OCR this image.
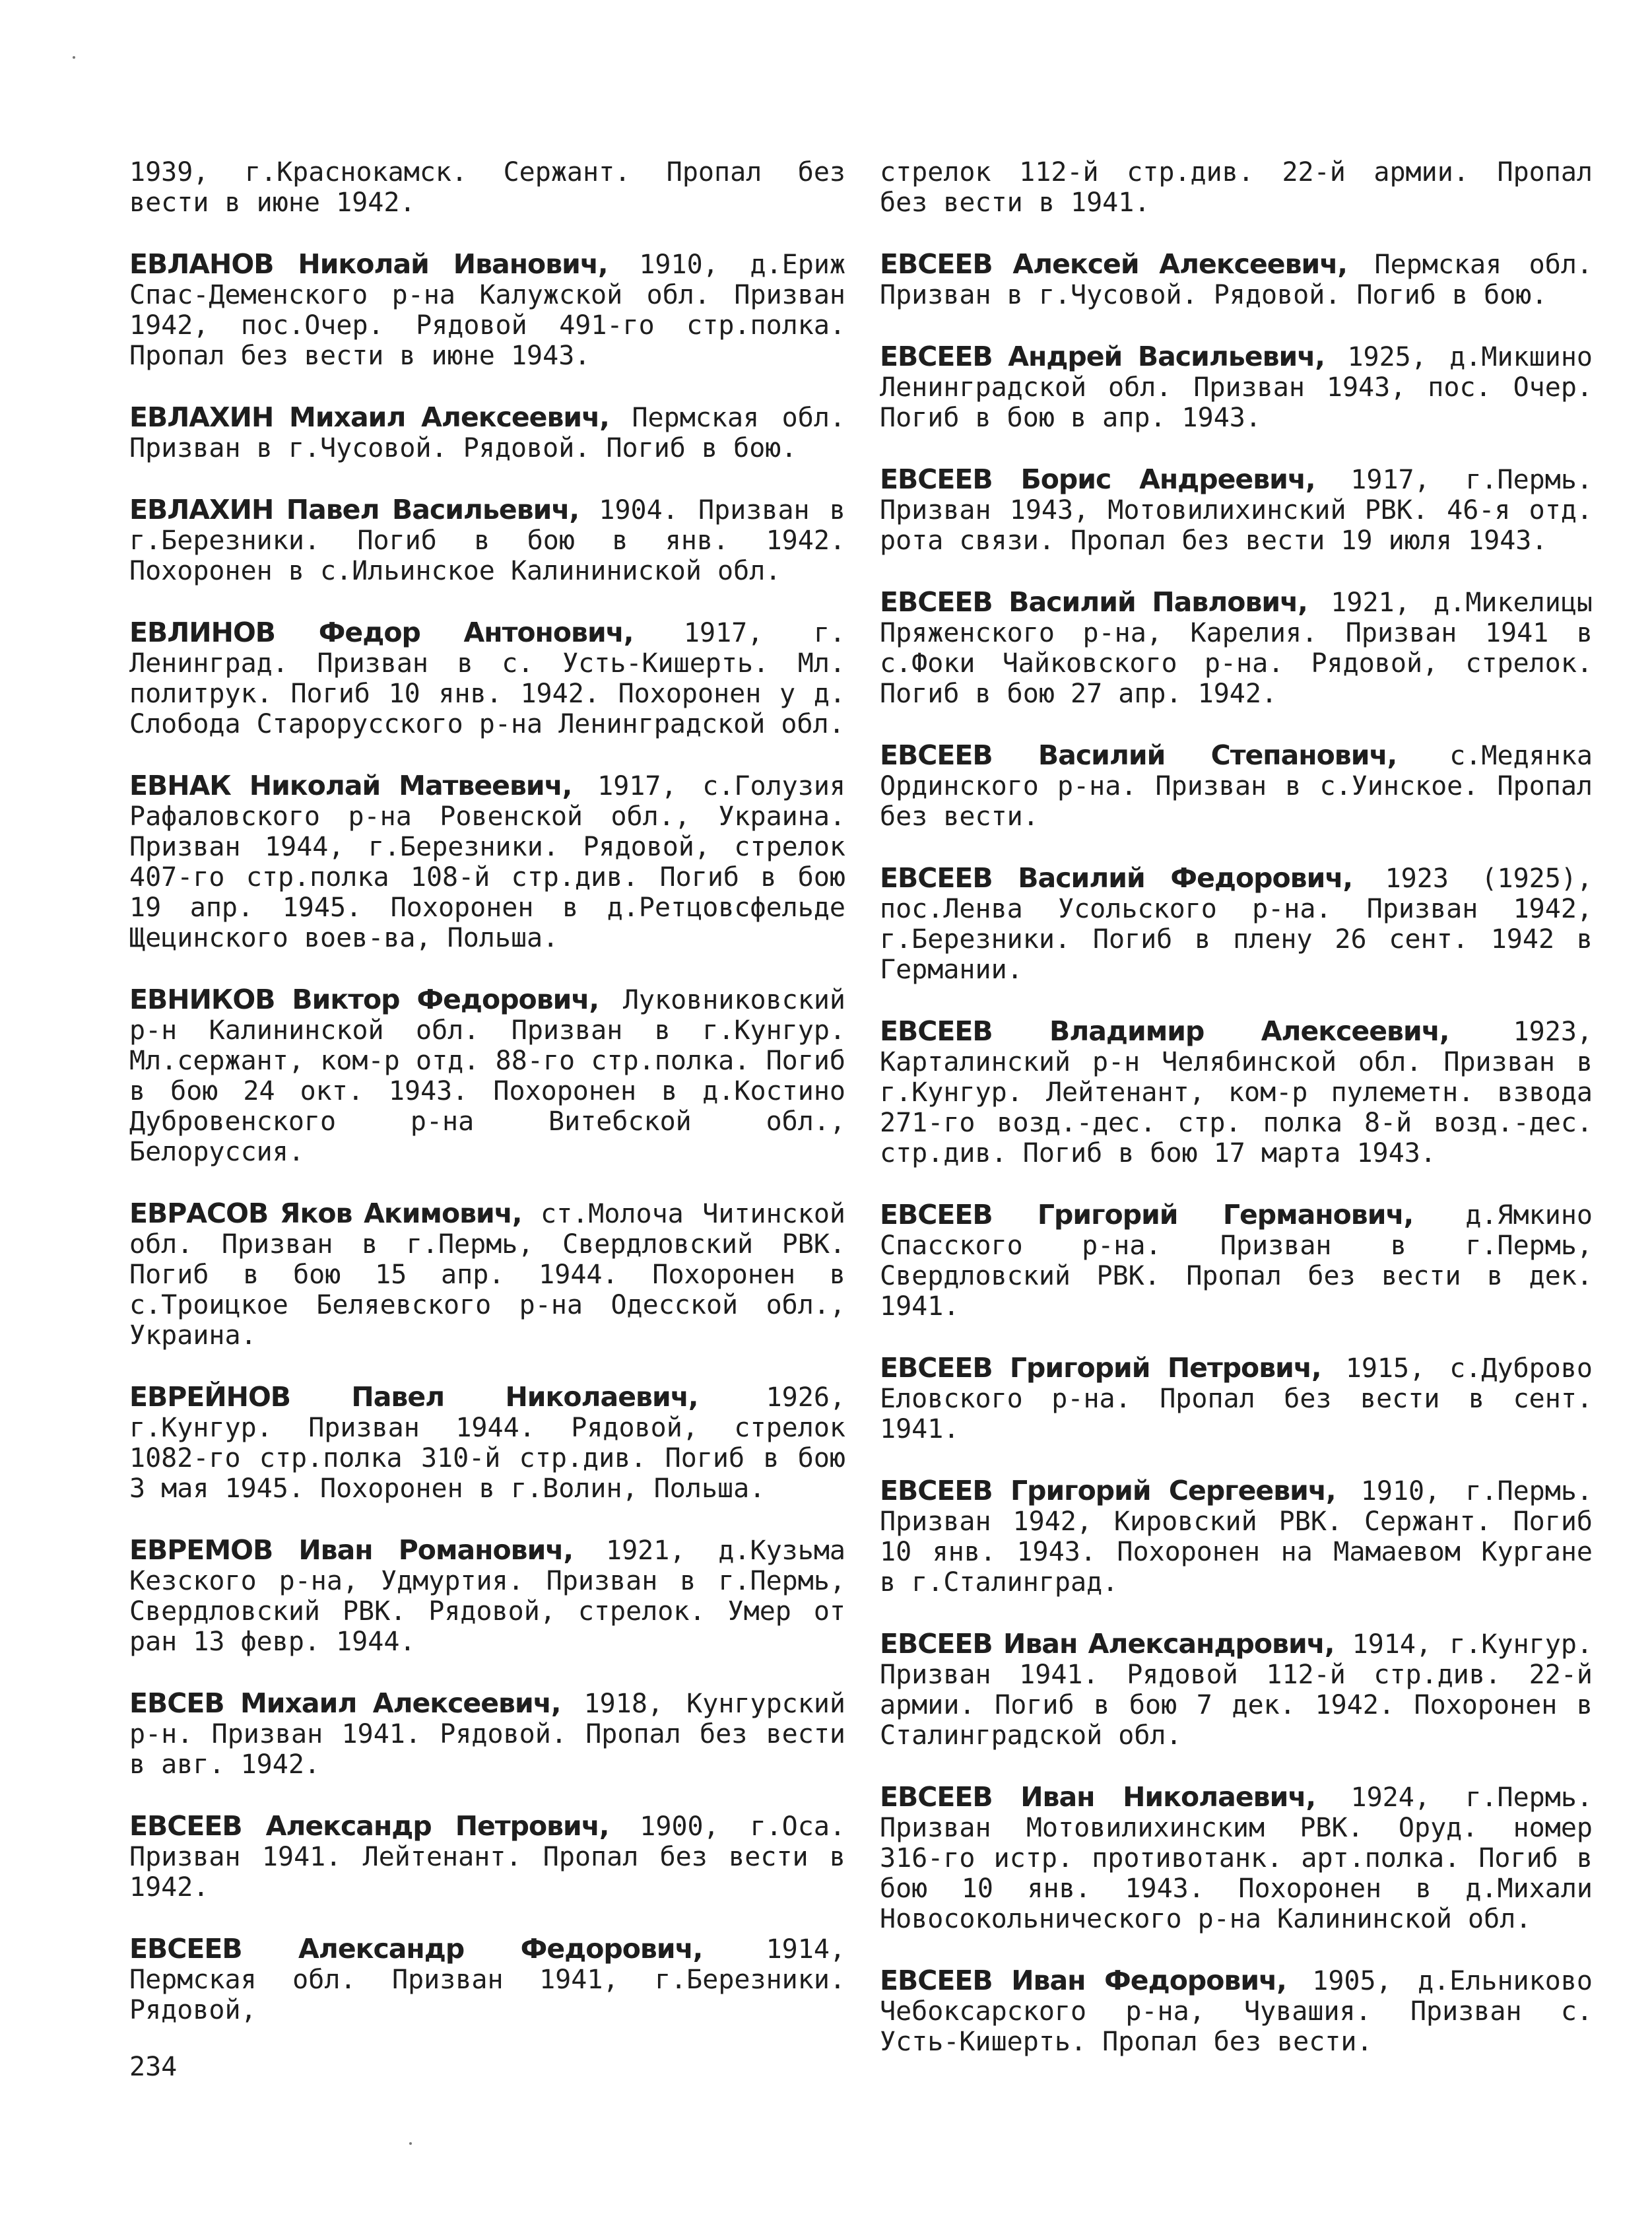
1939, г.Краснокамск. Сержант. Пропал без вести в июне 1942.

ЕВЛАНОВ Николай Иванович, 1910, д.Ериж Спас-Деменского р-на Калужской обл. Призван 1942, пос.Очер. Рядовой 491-го стр.полка. Пропал без вести в июне 1943.

ЕВЛАХИН Михаил Алексеевич, Пермская обл. Призван в г.Чусовой. Рядовой. Погиб в бою.

ЕВЛАХИН Павел Васильевич, 1904. Призван в г.Березники. Погиб в бою в янв. 1942. Похоронен в с.Ильинское Калининиской обл.

ЕВЛИНОВ Федор Антонович, 1917, г. Ленинград. Призван в с. Усть-Кишерть. Мл. политрук. Погиб 10 янв. 1942. Похоронен у д. Слобода Старорусского р-на Ленинградской обл.

ЕВНАК Николай Матвеевич, 1917, с.Голузия Рафаловского р-на Ровенской обл., Украина. Призван 1944, г.Березники. Рядовой, стрелок 407-го стр.полка 108-й стр.див. Погиб в бою 19 апр. 1945. Похоронен в д.Ретцовсфельде Щецинского воев-ва, Польша.

ЕВНИКОВ Виктор Федорович, Луковниковский р-н Калининской обл. Призван в г.Кунгур. Мл.сержант, ком-р отд. 88-го стр.полка. Погиб в бою 24 окт. 1943. Похоронен в д.Костино Дубровенского р-на Витебской обл., Белоруссия.

ЕВРАСОВ Яков Акимович, ст.Молоча Читинской обл. Призван в г.Пермь, Свердловский РВК. Погиб в бою 15 апр. 1944. Похоронен в с.Троицкое Беляевского р-на Одесской обл., Украина.

ЕВРЕЙНОВ Павел Николаевич, 1926, г.Кунгур. Призван 1944. Рядовой, стрелок 1082-го стр.полка 310-й стр.див. Погиб в бою 3 мая 1945. Похоронен в г.Волин, Польша.

ЕВРЕМОВ Иван Романович, 1921, д.Кузьма Кезского р-на, Удмуртия. Призван в г.Пермь, Свердловский РВК. Рядовой, стрелок. Умер от ран 13 февр. 1944.

ЕВСЕВ Михаил Алексеевич, 1918, Кунгурский р-н. Призван 1941. Рядовой. Пропал без вести в авг. 1942.

ЕВСЕЕВ Александр Петрович, 1900, г.Оса. Призван 1941. Лейтенант. Пропал без вести в 1942.

ЕВСЕЕВ Александр Федорович, 1914, Пермская обл. Призван 1941, г.Березники. Рядовой,

стрелок 112-й стр.див. 22-й армии. Пропал без вести в 1941.

ЕВСЕЕВ Алексей Алексеевич, Пермская обл. Призван в г.Чусовой. Рядовой. Погиб в бою.

ЕВСЕЕВ Андрей Васильевич, 1925, д.Микшино Ленинградской обл. Призван 1943, пос. Очер. Погиб в бою в апр. 1943.

ЕВСЕЕВ Борис Андреевич, 1917, г.Пермь. Призван 1943, Мотовилихинский РВК. 46-я отд. рота связи. Пропал без вести 19 июля 1943.

ЕВСЕЕВ Василий Павлович, 1921, д.Микелицы Пряженского р-на, Карелия. Призван 1941 в с.Фоки Чайковского р-на. Рядовой, стрелок. Погиб в бою 27 апр. 1942.

ЕВСЕЕВ Василий Степанович, с.Медянка Ординского р-на. Призван в с.Уинское. Пропал без вести.

ЕВСЕЕВ Василий Федорович, 1923 (1925), пос.Ленва Усольского р-на. Призван 1942, г.Березники. Погиб в плену 26 сент. 1942 в Германии.

ЕВСЕЕВ Владимир Алексеевич, 1923, Карталинский р-н Челябинской обл. Призван в г.Кунгур. Лейтенант, ком-р пулеметн. взвода 271-го возд.-дес. стр. полка 8-й возд.-дес. стр.див. Погиб в бою 17 марта 1943.

ЕВСЕЕВ Григорий Германович, д.Ямкино Спасского р-на. Призван в г.Пермь, Свердловский РВК. Пропал без вести в дек. 1941.

ЕВСЕЕВ Григорий Петрович, 1915, с.Дуброво Еловского р-на. Пропал без вести в сент. 1941.

ЕВСЕЕВ Григорий Сергеевич, 1910, г.Пермь. Призван 1942, Кировский РВК. Сержант. Погиб 10 янв. 1943. Похоронен на Мамаевом Кургане в г.Сталинград.

ЕВСЕЕВ Иван Александрович, 1914, г.Кунгур. Призван 1941. Рядовой 112-й стр.див. 22-й армии. Погиб в бою 7 дек. 1942. Похоронен в Сталинградской обл.

ЕВСЕЕВ Иван Николаевич, 1924, г.Пермь. Призван Мотовилихинским РВК. Оруд. номер 316-го истр. противотанк. арт.полка. Погиб в бою 10 янв. 1943. Похоронен в д.Михали Новосокольнического р-на Калининской обл.

ЕВСЕЕВ Иван Федорович, 1905, д.Ельниково Чебоксарского р-на, Чувашия. Призван с. Усть-Кишерть. Пропал без вести.

234
